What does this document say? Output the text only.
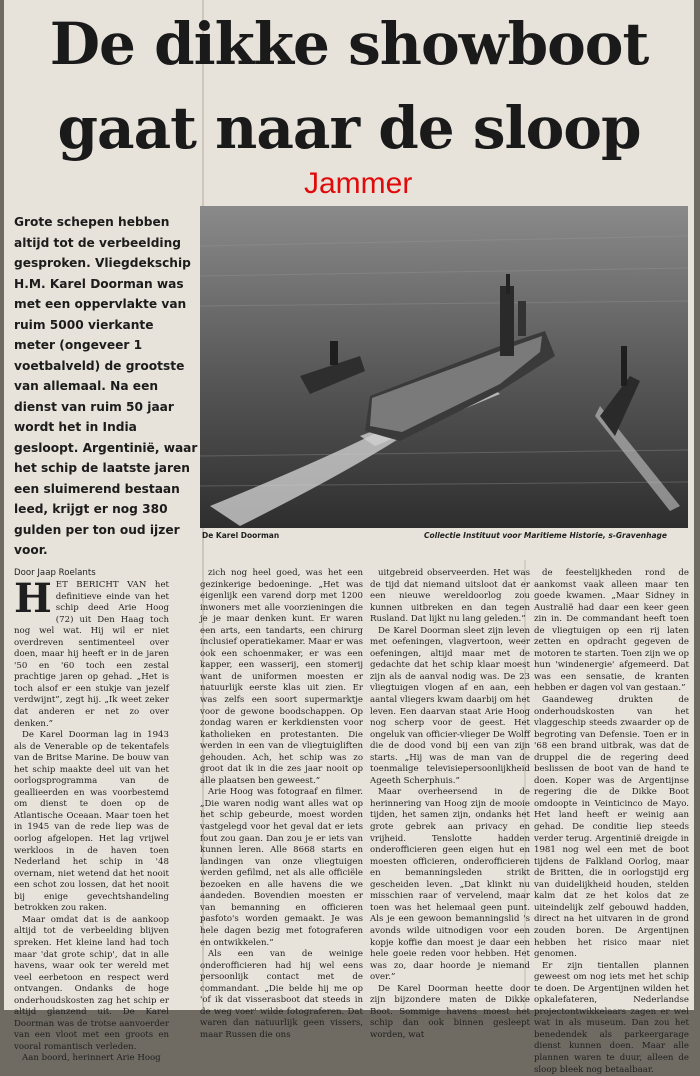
De dikke showboot
gaat naar de sloop
Jammer
Grote schepen hebben
altijd tot de verbeelding
gesproken. Vliegdekschip
H.M. Karel Doorman was
met een oppervlakte van
ruim 5000 vierkante
meter (ongeveer 1
voetbalveld) de grootste
van allemaal. Na een
dienst van ruim 50 jaar
wordt het in India
gesloopt. Argentinië, waar
het schip de laatste jaren
een sluimerend bestaan
leed, krijgt er nog 380
gulden per ton oud ijzer
voor.
De Karel Doorman	Collectie Instituut voor Maritieme Historie, s-Gravenhage
Door Jaap Roelants
H ET BERICHT VAN het definitieve einde van het schip deed Arie Hoog (72) uit Den Haag toch nog wel wat. Hij wil er niet overdreven sentimenteel over doen, maar hij heeft er in de jaren '50 en '60 toch een zestal prachtige jaren op gehad. „Het is toch alsof er een stukje van jezelf verdwijnt”, zegt hij. „Ik weet zeker dat anderen er net zo over denken.”
De Karel Doorman lag in 1943 als de Venerable op de tekentafels van de Britse Marine. De bouw van het schip maakte deel uit van het oorlogsprogramma van de geallieerden en was voorbestemd om dienst te doen op de Atlantische Oceaan. Maar toen het in 1945 van de rede liep was de oorlog afgelopen. Het lag vrijwel werkloos in de haven toen Nederland het schip in '48 overnam, niet wetend dat het nooit een schot zou lossen, dat het nooit bij enige gevechtshandeling betrokken zou raken.
Maar omdat dat is de aankoop altijd tot de verbeelding blijven spreken. Het kleine land had toch maar 'dat grote schip', dat in alle havens, waar ook ter wereld met veel eerbetoon en respect werd ontvangen. Ondanks de hoge onderhoudskosten zag het schip er altijd glanzend uit. De Karel Doorman was de trotse aanvoerder van een vloot met een groots en vooral romantisch verleden.
Aan boord, herinnert Arie Hoog
zich nog heel goed, was het een gezinkerige bedoeninge. „Het was eigenlijk een varend dorp met 1200 inwoners met alle voorzieningen die je je maar denken kunt. Er waren een arts, een tandarts, een chirurg inclusief operatiekamer. Maar er was ook een schoenmaker, er was een kapper, een wasserij, een stomerij want de uniformen moesten er natuurlijk eerste klas uit zien. Er was zelfs een soort supermarktje voor de gewone boodschappen. Op zondag waren er kerkdiensten voor katholieken en protestanten. Die werden in een van de vliegtuigliften gehouden. Ach, het schip was zo groot dat ik in die zes jaar nooit op alle plaatsen ben geweest.”
Arie Hoog was fotograaf en filmer. „Die waren nodig want alles wat op het schip gebeurde, moest worden vastgelegd voor het geval dat er iets fout zou gaan. Dan zou je er iets van kunnen leren. Alle 8668 starts en landingen van onze vliegtuigen werden gefilmd, net als alle officiële bezoeken en alle havens die we aandeden. Bovendien moesten er van bemanning en officieren pasfoto's worden gemaakt. Je was hele dagen bezig met fotograferen en ontwikkelen.”
Als een van de weinige onderofficieren had hij wel eens persoonlijk contact met de commandant. „Die belde hij me op 'of ik dat visserasboot dat steeds in de weg voer' wilde fotograferen. Dat waren dan natuurlijk geen vissers, maar Russen die ons
uitgebreid observeerden. Het was de tijd dat niemand uitsloot dat er een nieuwe wereldoorlog zou kunnen uitbreken en dan tegen Rusland. Dat lijkt nu lang geleden.”
De Karel Doorman sleet zijn leven met oefeningen, vlagvertoon, weer oefeningen, altijd maar met de gedachte dat het schip klaar moest zijn als de aanval nodig was. De 23 vliegtuigen vlogen af en aan, een aantal vliegers kwam daarbij om het leven. Een daarvan staat Arie Hoog nog scherp voor de geest. Het ongeluk van officier-vlieger De Wolff die de dood vond bij een van zijn starts. „Hij was de man van de toenmalige televisiepersoonlijkheid Ageeth Scherphuis.”
Maar overheersend in de herinnering van Hoog zijn de mooie tijden, het samen zijn, ondanks het grote gebrek aan privacy en vrijheid. Tenslotte hadden onderofficieren geen eigen hut en moesten officieren, onderofficieren en bemanningsleden strikt gescheiden leven. „Dat klinkt nu misschien raar of vervelend, maar toen was het helemaal geen punt. Als je een gewoon bemanningslid 's avonds wilde uitnodigen voor een kopje koffie dan moest je daar een hele goeie reden voor hebben. Het was zo, daar hoorde je niemand over.”
De Karel Doorman heette door zijn bijzondere maten de Dikke Boot. Sommige havens moest het schip dan ook binnen gesleept worden, wat
de feestelijkheden rond de aankomst vaak alleen maar ten goede kwamen. „Maar Sidney in Australië had daar een keer geen zin in. De commandant heeft toen de vliegtuigen op een rij laten zetten en opdracht gegeven de motoren te starten. Toen zijn we op hun 'windenergie' afgemeerd. Dat was een sensatie, de kranten hebben er dagen vol van gestaan.”
Gaandeweg drukten de onderhoudskosten van het vlaggeschip steeds zwaarder op de begroting van Defensie. Toen er in '68 een brand uitbrak, was dat de druppel die de regering deed beslissen de boot van de hand te doen. Koper was de Argentijnse regering die de Dikke Boot omdoopte in Veinticinco de Mayo. Het land heeft er weinig aan gehad. De conditie liep steeds verder terug. Argentinië dreigde in 1981 nog wel een met de boot tijdens de Falkland Oorlog, maar de Britten, die in oorlogstijd erg van duidelijkheid houden, stelden kalm dat ze het kolos dat ze uiteindelijk zelf gebouwd hadden, direct na het uitvaren in de grond zouden boren. De Argentijnen hebben het risico maar niet genomen.
Er zijn tientallen plannen geweest om nog iets met het schip te doen. De Argentijnen wilden het opkalefateren, Nederlandse projectontwikkelaars zagen er wel wat in als museum. Dan zou het benedendek als parkeergarage dienst kunnen doen. Maar alle plannen waren te duur, alleen de sloop bleek nog betaalbaar.
